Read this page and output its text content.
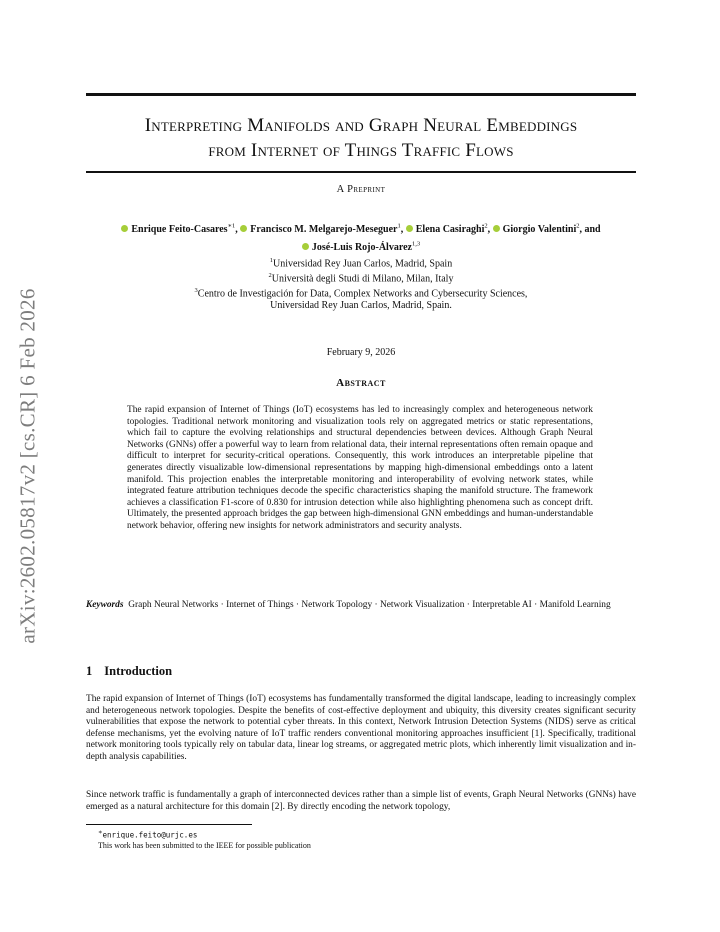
arXiv:2602.05817v2 [cs.CR] 6 Feb 2026
Interpreting Manifolds and Graph Neural Embeddings
from Internet of Things Traffic Flows
A Preprint
Enrique Feito-Casares$^{∗1}$, Francisco M. Melgarejo-Meseguer$^1$, Elena Casiraghi$^2$, Giorgio Valentini$^2$, and
José-Luis Rojo-Álvarez$^{1,3}$
$^1$Universidad Rey Juan Carlos, Madrid, Spain
$^2$Università degli Studi di Milano, Milan, Italy
$^3$Centro de Investigación for Data, Complex Networks and Cybersecurity Sciences,
Universidad Rey Juan Carlos, Madrid, Spain.
February 9, 2026
Abstract
The rapid expansion of Internet of Things (IoT) ecosystems has led to increasingly complex and heterogeneous network topologies. Traditional network monitoring and visualization tools rely on aggregated metrics or static representations, which fail to capture the evolving relationships and structural dependencies between devices. Although Graph Neural Networks (GNNs) offer a powerful way to learn from relational data, their internal representations often remain opaque and difficult to interpret for security-critical operations. Consequently, this work introduces an interpretable pipeline that generates directly visualizable low-dimensional representations by mapping high-dimensional embeddings onto a latent manifold. This projection enables the interpretable monitoring and interoperability of evolving network states, while integrated feature attribution techniques decode the specific characteristics shaping the manifold structure. The framework achieves a classification F1-score of 0.830 for intrusion detection while also highlighting phenomena such as concept drift. Ultimately, the presented approach bridges the gap between high-dimensional GNN embeddings and human-understandable network behavior, offering new insights for network administrators and security analysts.
Keywords Graph Neural Networks · Internet of Things · Network Topology · Network Visualization · Interpretable AI · Manifold Learning
1 Introduction
The rapid expansion of Internet of Things (IoT) ecosystems has fundamentally transformed the digital landscape, leading to increasingly complex and heterogeneous network topologies. Despite the benefits of cost-effective deployment and ubiquity, this diversity creates significant security vulnerabilities that expose the network to potential cyber threats. In this context, Network Intrusion Detection Systems (NIDS) serve as critical defense mechanisms, yet the evolving nature of IoT traffic renders conventional monitoring approaches insufficient [1]. Specifically, traditional network monitoring tools typically rely on tabular data, linear log streams, or aggregated metric plots, which inherently limit visualization and in-depth analysis capabilities.
Since network traffic is fundamentally a graph of interconnected devices rather than a simple list of events, Graph Neural Networks (GNNs) have emerged as a natural architecture for this domain [2]. By directly encoding the network topology,
∗enrique.feito@urjc.es
This work has been submitted to the IEEE for possible publication
